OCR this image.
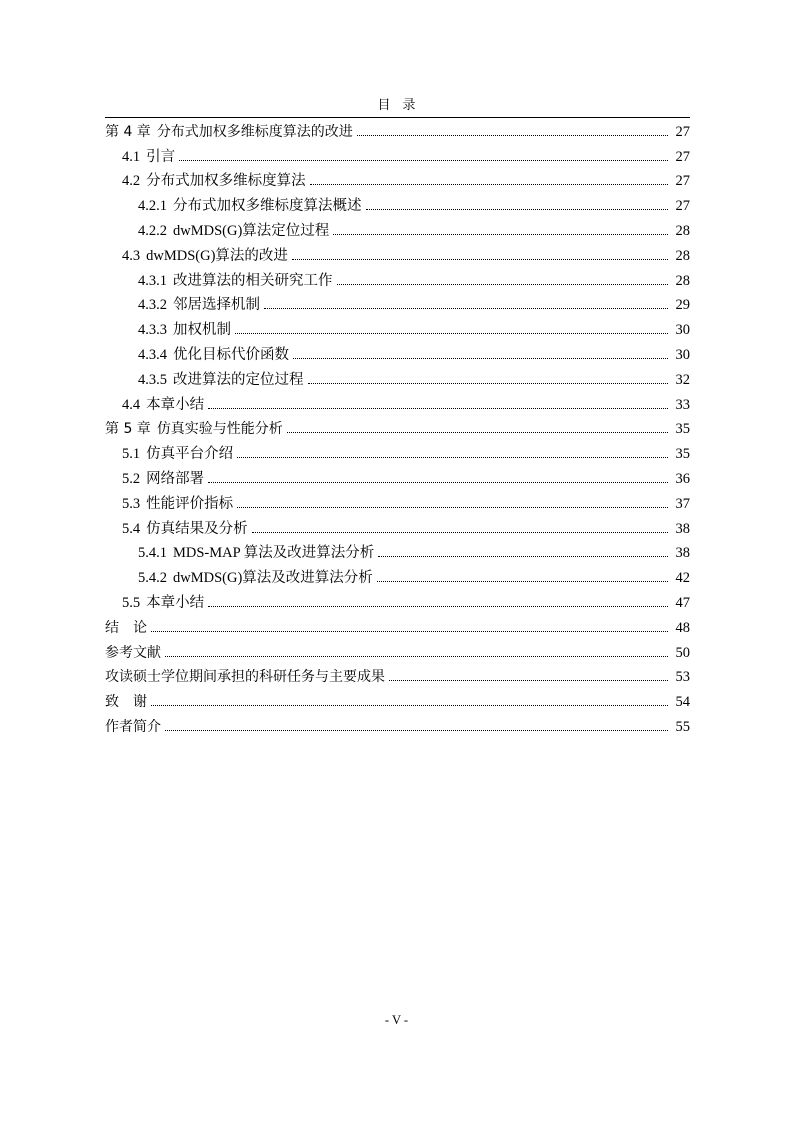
目录
第 4 章 分布式加权多维标度算法的改进	27
4.1 引言	27
4.2 分布式加权多维标度算法	27
4.2.1 分布式加权多维标度算法概述	27
4.2.2 dwMDS(G)算法定位过程	28
4.3 dwMDS(G)算法的改进	28
4.3.1 改进算法的相关研究工作	28
4.3.2 邻居选择机制	29
4.3.3 加权机制	30
4.3.4 优化目标代价函数	30
4.3.5 改进算法的定位过程	32
4.4 本章小结	33
第 5 章 仿真实验与性能分析	35
5.1 仿真平台介绍	35
5.2 网络部署	36
5.3 性能评价指标	37
5.4 仿真结果及分析	38
5.4.1 MDS-MAP 算法及改进算法分析	38
5.4.2 dwMDS(G)算法及改进算法分析	42
5.5 本章小结	47
结　论	48
参考文献	50
攻读硕士学位期间承担的科研任务与主要成果	53
致　谢	54
作者简介	55
- V -
